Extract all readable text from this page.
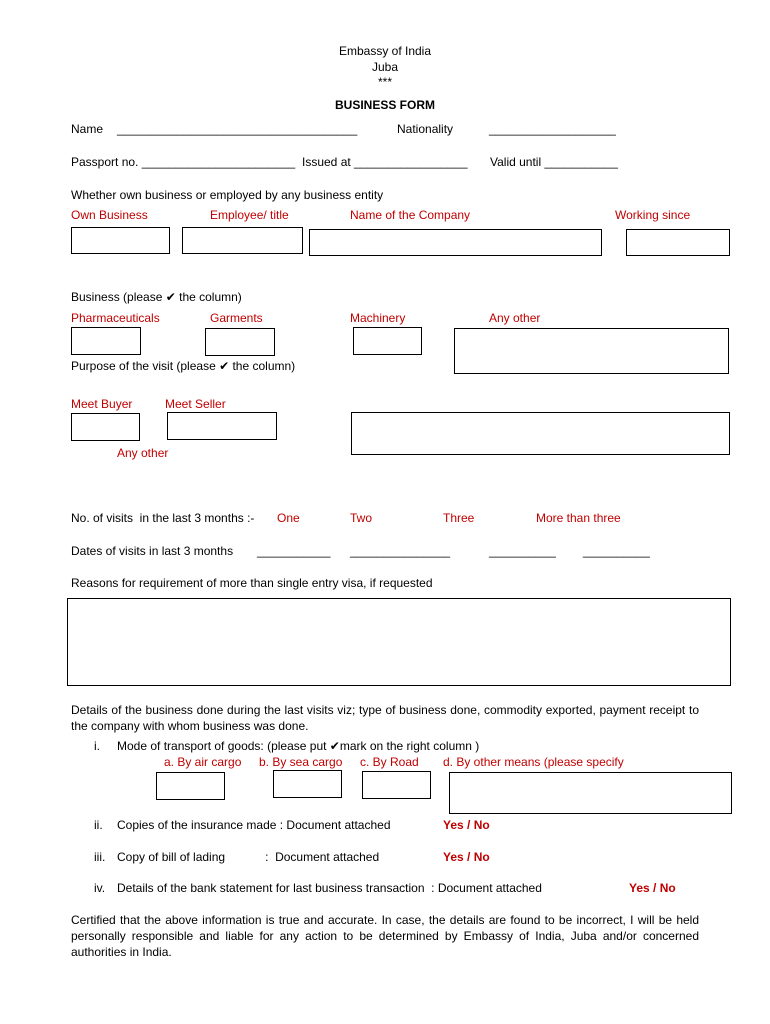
Embassy of India
Juba
***
BUSINESS FORM
Name ____________________________________	Nationality	___________________
Passport no. _______________________ Issued at _________________ Valid until ___________
Whether own business or employed by any business entity
Own Business	Employee/ title	Name of the Company	Working since
Business (please ✔ the column)
Pharmaceuticals	Garments	Machinery	Any other
Purpose of the visit (please ✔ the column)
Meet Buyer	Meet Seller
Any other
No. of visits  in the last 3 months :- One	Two	Three	More than three
Dates of visits in last 3 months ___________ _______________	__________ __________
Reasons for requirement of more than single entry visa, if requested
Details of the business done during the last visits viz; type of business done, commodity exported, payment receipt to the company with whom business was done.
i. Mode of transport of goods: (please put ✔mark on the right column )
a. By air cargo b. By sea cargo c. By Road d. By other means (please specify
ii. Copies of the insurance made : Document attached	Yes / No
iii. Copy of bill of lading            :  Document attached	Yes / No
iv. Details of the bank statement for last business transaction  : Document attached	Yes / No
Certified that the above information is true and accurate. In case, the details are found to be incorrect, I will be held personally responsible and liable for any action to be determined by Embassy of India, Juba and/or concerned authorities in India.
